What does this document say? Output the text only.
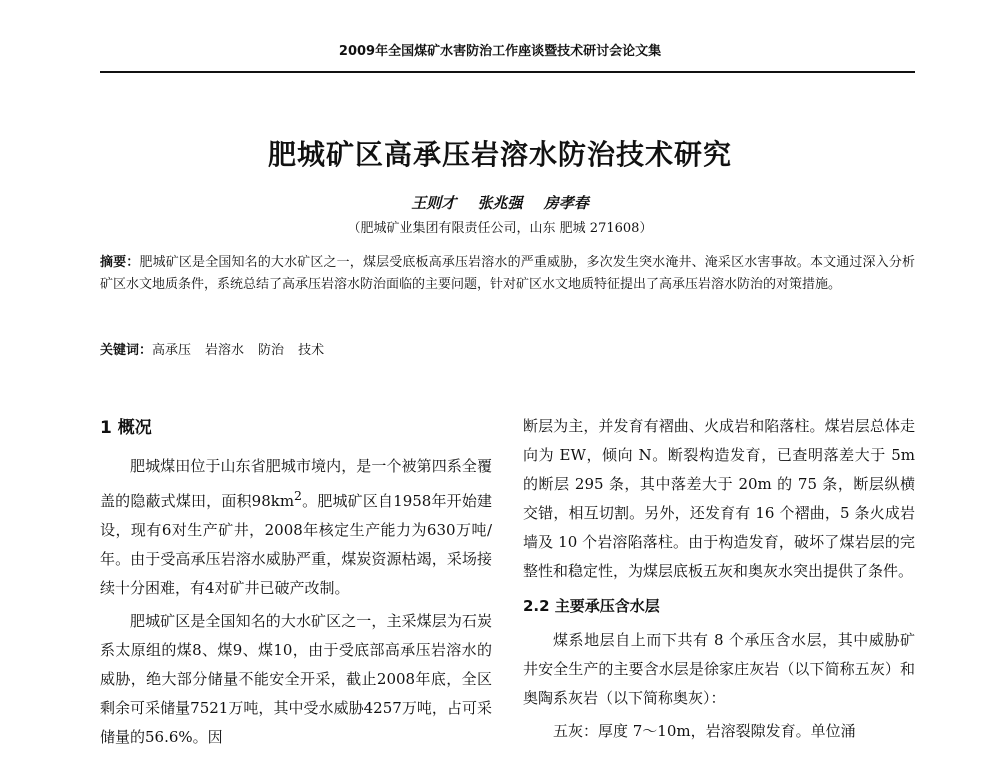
2009年全国煤矿水害防治工作座谈暨技术研讨会论文集
肥城矿区高承压岩溶水防治技术研究
王则才 张兆强 房孝春
（肥城矿业集团有限责任公司，山东 肥城 271608）

摘要：肥城矿区是全国知名的大水矿区之一，煤层受底板高承压岩溶水的严重威胁，多次发生突水淹井、淹采区水害事故。本文通过深入分析矿区水文地质条件，系统总结了高承压岩溶水防治面临的主要问题，针对矿区水文地质特征提出了高承压岩溶水防治的对策措施。

关键词：高承压 岩溶水 防治 技术

1 概况

肥城煤田位于山东省肥城市境内，是一个被第四系全覆盖的隐蔽式煤田，面积$98km^2$。肥城矿区自1958年开始建设，现有6对生产矿井，2008年核定生产能力为630万吨/年。由于受高承压岩溶水威胁严重，煤炭资源枯竭，采场接续十分困难，有4对矿井已破产改制。

肥城矿区是全国知名的大水矿区之一，主采煤层为石炭系太原组的煤8、煤9、煤10，由于受底部高承压岩溶水的威胁，绝大部分储量不能安全开采，截止2008年底，全区剩余可采储量7521万吨，其中受水威胁4257万吨，占可采储量的56.6%。因

断层为主，并发育有褶曲、火成岩和陷落柱。煤岩层总体走向为 EW，倾向 N。断裂构造发育，已查明落差大于 5m 的断层 295 条，其中落差大于 20m 的 75 条，断层纵横交错，相互切割。另外，还发育有 16 个褶曲，5 条火成岩墙及 10 个岩溶陷落柱。由于构造发育，破坏了煤岩层的完整性和稳定性，为煤层底板五灰和奥灰水突出提供了条件。

2.2 主要承压含水层

煤系地层自上而下共有 8 个承压含水层，其中威胁矿井安全生产的主要含水层是徐家庄灰岩（以下简称五灰）和奥陶系灰岩（以下简称奥灰）：

五灰：厚度 7～10m，岩溶裂隙发育。单位涌
